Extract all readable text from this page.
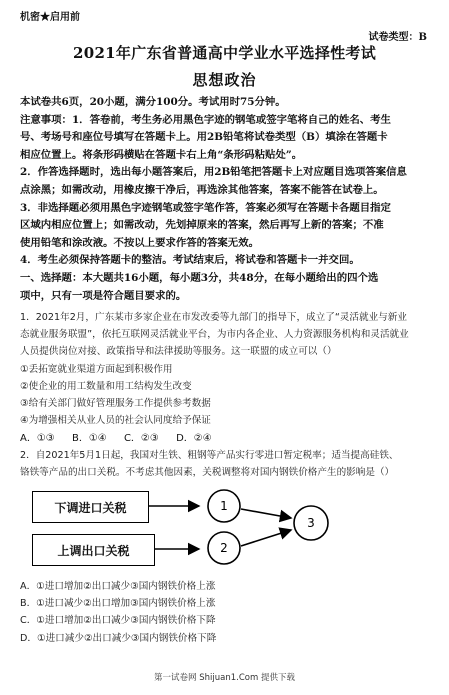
机密★启用前
试卷类型：B
2021年广东省普通高中学业水平选择性考试
思想政治
本试卷共6页，20小题，满分100分。考试用时75分钟。
注意事项：1．答卷前，考生务必用黑色字迹的钢笔或签字笔将自己的姓名、考生
号、考场号和座位号填写在答题卡上。用2B铅笔将试卷类型（B）填涂在答题卡
相应位置上。将条形码横贴在答题卡右上角“条形码粘贴处”。
2．作答选择题时，选出每小题答案后，用2B铅笔把答题卡上对应题目选项答案信息
点涂黑；如需改动，用橡皮擦干净后，再选涂其他答案，答案不能答在试卷上。
3．非选择题必须用黑色字迹钢笔或签字笔作答，答案必须写在答题卡各题目指定
区域内相应位置上；如需改动，先划掉原来的答案，然后再写上新的答案；不准
使用铅笔和涂改液。不按以上要求作答的答案无效。
4．考生必须保持答题卡的整洁。考试结束后，将试卷和答题卡一并交回。
一、选择题：本大题共16小题，每小题3分，共48分，在每小题给出的四个选
项中，只有一项是符合题目要求的。
1．2021年2月，广东某市多家企业在市发改委等九部门的指导下，成立了“灵活就业与新业
态就业服务联盟”，依托互联网灵活就业平台，为市内各企业、人力资源服务机构和灵活就业
人员提供岗位对接、政策指导和法律援助等服务。这一联盟的成立可以（）
①丢拓宽就业渠道方面起到积极作用
②使企业的用工数量和用工结构发生改变
③给有关部门做好管理服务工作提供参考数据
④为增强相关从业人员的社会认同度给予保证
A．①③ B．①④ C．②③ D．②④
2．自2021年5月1日起，我国对生铁、粗钢等产品实行零进口暂定税率；适当提高硅铁、
铬铁等产品的出口关税。不考虑其他因素，关税调整将对国内钢铁价格产生的影响是（）
1
2
3
下调进口关税
上调出口关税
A．①进口增加②出口减少③国内钢铁价格上涨
B．①进口减少②出口增加③国内钢铁价格上涨
C．①进口增加②出口减少③国内钢铁价格下降
D．①进口减少②出口减少③国内钢铁价格下降
第一试卷网 Shijuan1.Com 提供下载
